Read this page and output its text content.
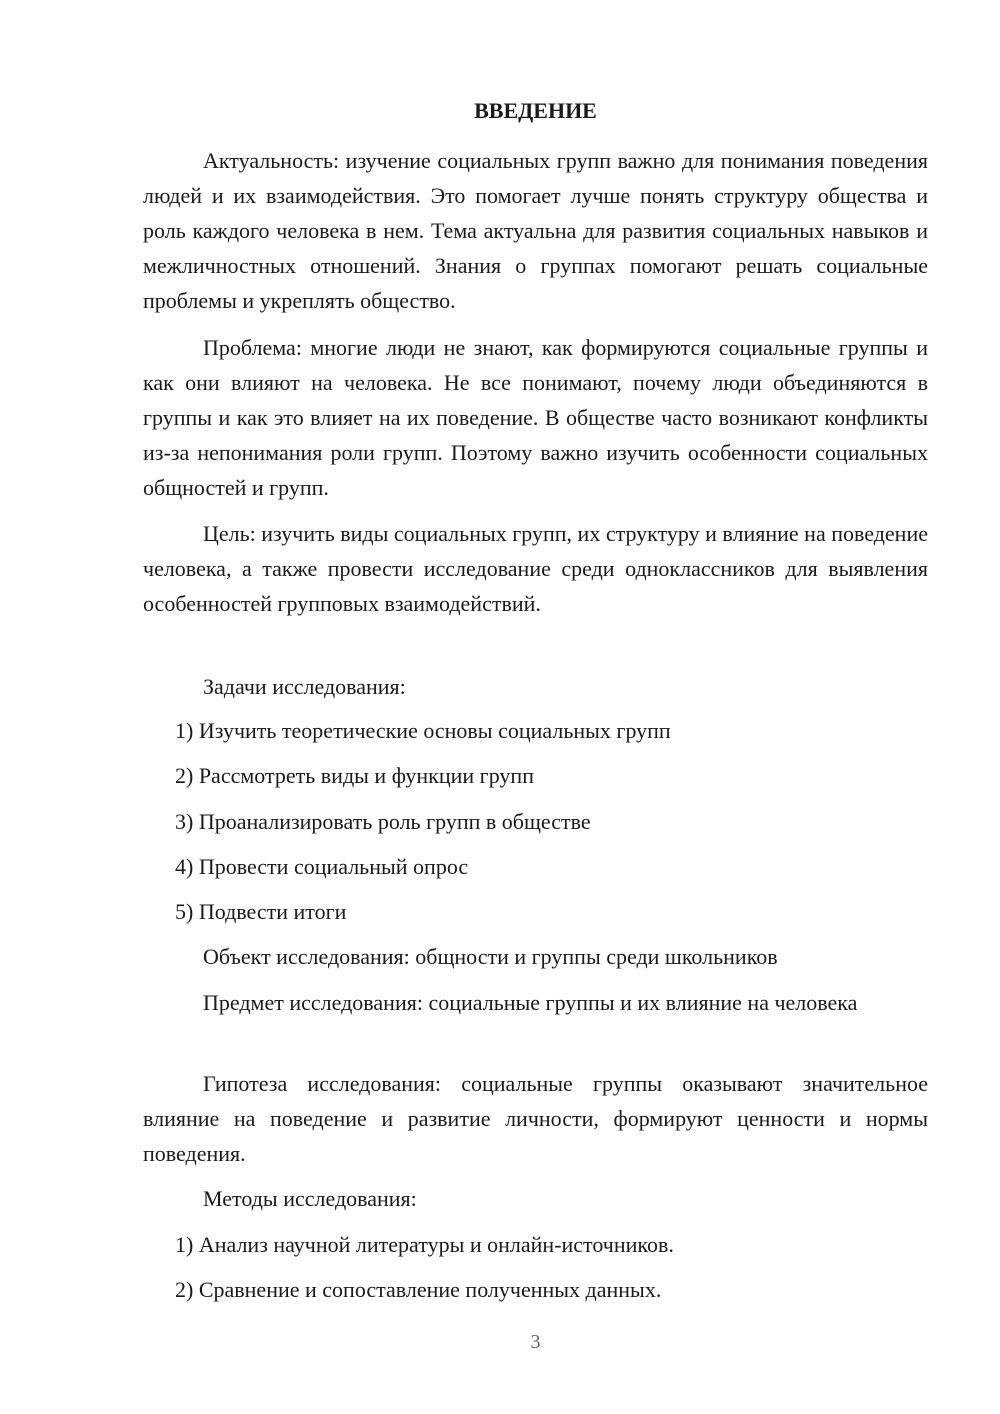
ВВЕДЕНИЕ

Актуальность: изучение социальных групп важно для понимания поведения людей и их взаимодействия. Это помогает лучше понять структуру общества и роль каждого человека в нем. Тема актуальна для развития социальных навыков и межличностных отношений. Знания о группах помогают решать социальные проблемы и укреплять общество.

Проблема: многие люди не знают, как формируются социальные группы и как они влияют на человека. Не все понимают, почему люди объединяются в группы и как это влияет на их поведение. В обществе часто возникают конфликты из-за непонимания роли групп. Поэтому важно изучить особенности социальных общностей и групп.

Цель: изучить виды социальных групп, их структуру и влияние на поведение человека, а также провести исследование среди одноклассников для выявления особенностей групповых взаимодействий.

Задачи исследования:

1) Изучить теоретические основы социальных групп
2) Рассмотреть виды и функции групп
3) Проанализировать роль групп в обществе
4) Провести социальный опрос
5) Подвести итоги

Объект исследования: общности и группы среди школьников

Предмет исследования: социальные группы и их влияние на человека

Гипотеза исследования: социальные группы оказывают значительное влияние на поведение и развитие личности, формируют ценности и нормы поведения.

Методы исследования:

1) Анализ научной литературы и онлайн-источников.
2) Сравнение и сопоставление полученных данных.
3
